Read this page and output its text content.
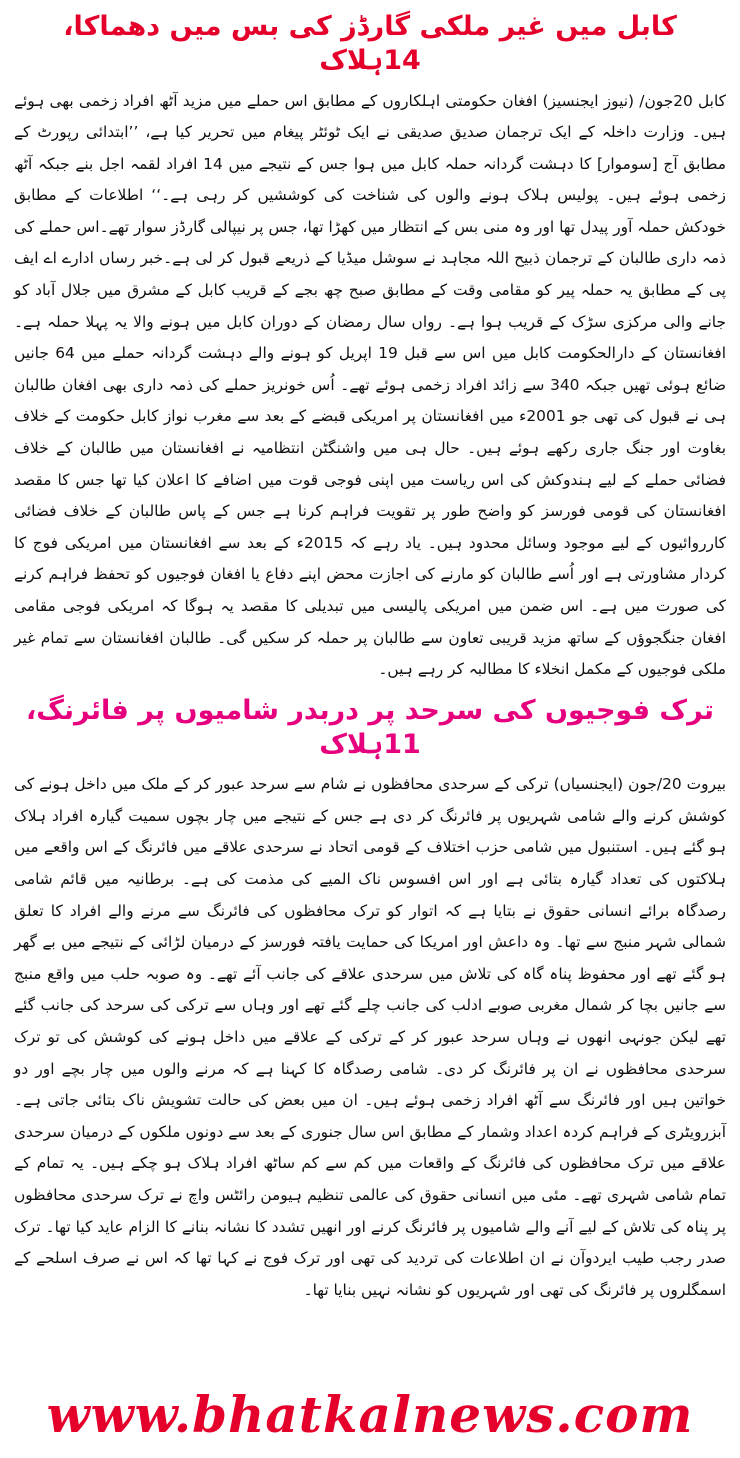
کابل میں غیر ملکی گارڈز کی بس میں دھماکا، 14ہلاک

کابل 20جون/ (نیوز ایجنسیز) افغان حکومتی اہلکاروں کے مطابق اس حملے میں مزید آٹھ افراد زخمی بھی ہوئے ہیں۔ وزارت داخلہ کے ایک ترجمان صدیق صدیقی نے ایک ٹوئٹر پیغام میں تحریر کیا ہے، ’’ابتدائی رپورٹ کے مطابق آج [سوموار] کا دہشت گردانہ حملہ کابل میں ہوا جس کے نتیجے میں 14 افراد لقمہ اجل بنے جبکہ آٹھ زخمی ہوئے ہیں۔ پولیس ہلاک ہونے والوں کی شناخت کی کوششیں کر رہی ہے۔‘‘ اطلاعات کے مطابق خودکش حملہ آور پیدل تھا اور وہ منی بس کے انتظار میں کھڑا تھا، جس پر نیپالی گارڈز سوار تھے۔اس حملے کی ذمہ داری طالبان کے ترجمان ذبیح اللہ مجاہد نے سوشل میڈیا کے ذریعے قبول کر لی ہے۔خبر رساں ادارے اے ایف پی کے مطابق یہ حملہ پیر کو مقامی وقت کے مطابق صبح چھ بجے کے قریب کابل کے مشرق میں جلال آباد کو جانے والی مرکزی سڑک کے قریب ہوا ہے۔ رواں سال رمضان کے دوران کابل میں ہونے والا یہ پہلا حملہ ہے۔ افغانستان کے دارالحکومت کابل میں اس سے قبل 19 اپریل کو ہونے والے دہشت گردانہ حملے میں 64 جانیں ضائع ہوئی تھیں جبکہ 340 سے زائد افراد زخمی ہوئے تھے۔ اُس خونریز حملے کی ذمہ داری بھی افغان طالبان ہی نے قبول کی تھی جو 2001ء میں افغانستان پر امریکی قبضے کے بعد سے مغرب نواز کابل حکومت کے خلاف بغاوت اور جنگ جاری رکھے ہوئے ہیں۔ حال ہی میں واشنگٹن انتظامیہ نے افغانستان میں طالبان کے خلاف فضائی حملے کے لیے ہندوکش کی اس ریاست میں اپنی فوجی قوت میں اضافے کا اعلان کیا تھا جس کا مقصد افغانستان کی قومی فورسز کو واضح طور پر تقویت فراہم کرنا ہے جس کے پاس طالبان کے خلاف فضائی کارروائیوں کے لیے موجود وسائل محدود ہیں۔ یاد رہے کہ 2015ء کے بعد سے افغانستان میں امریکی فوج کا کردار مشاورتی ہے اور اُسے طالبان کو مارنے کی اجازت محض اپنے دفاع یا افغان فوجیوں کو تحفظ فراہم کرنے کی صورت میں ہے۔ اس ضمن میں امریکی پالیسی میں تبدیلی کا مقصد یہ ہوگا کہ امریکی فوجی مقامی افغان جنگجوؤں کے ساتھ مزید قریبی تعاون سے طالبان پر حملہ کر سکیں گی۔ طالبان افغانستان سے تمام غیر ملکی فوجیوں کے مکمل انخلاء کا مطالبہ کر رہے ہیں۔

ترک فوجیوں کی سرحد پر دربدر شامیوں پر فائرنگ، 11ہلاک

بیروت 20/جون (ایجنسیاں) ترکی کے سرحدی محافظوں نے شام سے سرحد عبور کر کے ملک میں داخل ہونے کی کوشش کرنے والے شامی شہریوں پر فائرنگ کر دی ہے جس کے نتیجے میں چار بچوں سمیت گیارہ افراد ہلاک ہو گئے ہیں۔ استنبول میں شامی حزب اختلاف کے قومی اتحاد نے سرحدی علاقے میں فائرنگ کے اس واقعے میں ہلاکتوں کی تعداد گیارہ بتائی ہے اور اس افسوس ناک المیے کی مذمت کی ہے۔ برطانیہ میں قائم شامی رصدگاہ برائے انسانی حقوق نے بتایا ہے کہ اتوار کو ترک محافظوں کی فائرنگ سے مرنے والے افراد کا تعلق شمالی شہر منبج سے تھا۔ وہ داعش اور امریکا کی حمایت یافتہ فورسز کے درمیان لڑائی کے نتیجے میں بے گھر ہو گئے تھے اور محفوظ پناہ گاہ کی تلاش میں سرحدی علاقے کی جانب آئے تھے۔ وہ صوبہ حلب میں واقع منبج سے جانیں بچا کر شمال مغربی صوبے ادلب کی جانب چلے گئے تھے اور وہاں سے ترکی کی سرحد کی جانب گئے تھے لیکن جونہی انھوں نے وہاں سرحد عبور کر کے ترکی کے علاقے میں داخل ہونے کی کوشش کی تو ترک سرحدی محافظوں نے ان پر فائرنگ کر دی۔ شامی رصدگاہ کا کہنا ہے کہ مرنے والوں میں چار بچے اور دو خواتین ہیں اور فائرنگ سے آٹھ افراد زخمی ہوئے ہیں۔ ان میں بعض کی حالت تشویش ناک بتائی جاتی ہے۔ آبزرویٹری کے فراہم کردہ اعداد وشمار کے مطابق اس سال جنوری کے بعد سے دونوں ملکوں کے درمیان سرحدی علاقے میں ترک محافظوں کی فائرنگ کے واقعات میں کم سے کم ساٹھ افراد ہلاک ہو چکے ہیں۔ یہ تمام کے تمام شامی شہری تھے۔ مئی میں انسانی حقوق کی عالمی تنظیم ہیومن رائٹس واچ نے ترک سرحدی محافظوں پر پناہ کی تلاش کے لیے آنے والے شامیوں پر فائرنگ کرنے اور انھیں تشدد کا نشانہ بنانے کا الزام عاید کیا تھا۔ ترک صدر رجب طیب ایردوآن نے ان اطلاعات کی تردید کی تھی اور ترک فوج نے کہا تھا کہ اس نے صرف اسلحے کے اسمگلروں پر فائرنگ کی تھی اور شہریوں کو نشانہ نہیں بنایا تھا۔

www.bhatkalnews.com
